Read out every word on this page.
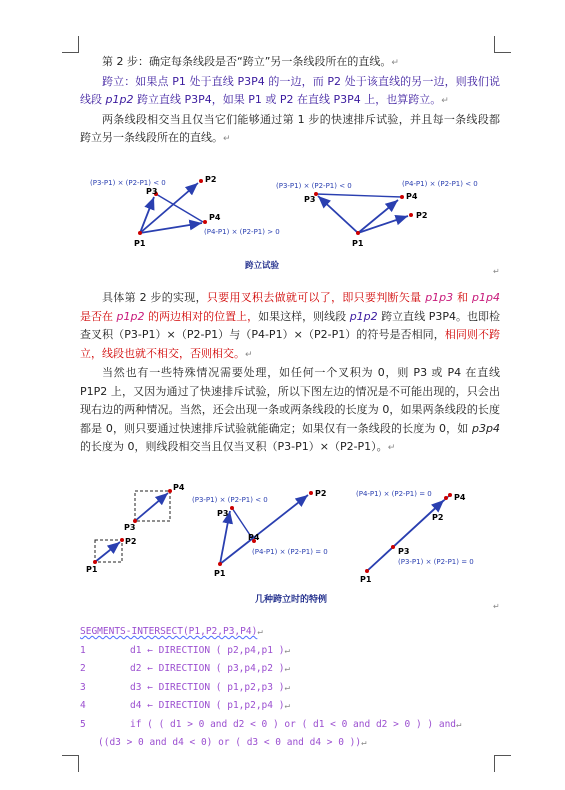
第 2 步：确定每条线段是否“跨立”另一条线段所在的直线。↵

跨立：如果点 P1 处于直线 P3P4 的一边，而 P2 处于该直线的另一边，则我们说线段 p1p2 跨立直线 P3P4，如果 P1 或 P2 在直线 P3P4 上，也算跨立。↵

两条线段相交当且仅当它们能够通过第 1 步的快速排斥试验，并且每一条线段都跨立另一条线段所在的直线。↵

(P3-P1) × (P2-P1) < 0
(P4-P1) × (P2-P1) > 0
P1
P2
P3
P4
(P3-P1) × (P2-P1) < 0	(P4-P1) × (P2-P1) < 0
P1
P2
P3	P4
跨立试验
↵

具体第 2 步的实现，只要用叉积去做就可以了，即只要判断矢量 p1p3 和 p1p4 是否在 p1p2 的两边相对的位置上，如果这样，则线段 p1p2 跨立直线 P3P4。也即检查叉积（P3-P1）×（P2-P1）与（P4-P1）×（P2-P1）的符号是否相同，相同则不跨立，线段也就不相交，否则相交。↵

当然也有一些特殊情况需要处理，如任何一个叉积为 0，则 P3 或 P4 在直线 P1P2 上，又因为通过了快速排斥试验，所以下图左边的情况是不可能出现的，只会出现右边的两种情况。当然，还会出现一条或两条线段的长度为 0，如果两条线段的长度都是 0，则只要通过快速排斥试验就能确定；如果仅有一条线段的长度为 0，如 p3p4 的长度为 0，则线段相交当且仅当叉积（P3-P1）×（P2-P1）。↵

P1
P2
P3
P4
(P3-P1) × (P2-P1) < 0
(P4-P1) × (P2-P1) = 0
P1
P2
P3
P4
(P4-P1) × (P2-P1) = 0
(P3-P1) × (P2-P1) = 0
P1
P2
P3
P4
几种跨立时的特例
↵
SEGMENTS-INTERSECT(P1,P2,P3,P4)↵
1	d1 ← DIRECTION ( p2,p4,p1 )↵
2	d2 ← DIRECTION ( p3,p4,p2 )↵
3	d3 ← DIRECTION ( p1,p2,p3 )↵
4	d4 ← DIRECTION ( p1,p2,p4 )↵
5	if ( ( d1 > 0 and d2 < 0 ) or ( d1 < 0 and d2 > 0 ) ) and↵
((d3 > 0 and d4 < 0) or ( d3 < 0 and d4 > 0 ))↵
